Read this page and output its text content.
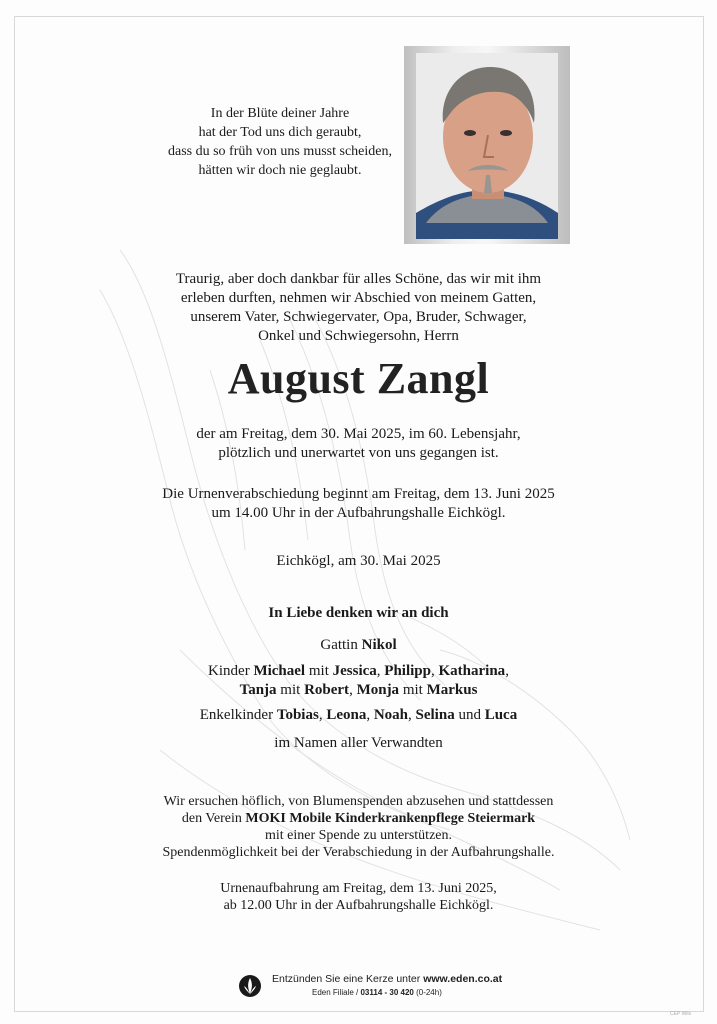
In der Blüte deiner Jahre
hat der Tod uns dich geraubt,
dass du so früh von uns musst scheiden,
hätten wir doch nie geglaubt.
Traurig, aber doch dankbar für alles Schöne, das wir mit ihm
erleben durften, nehmen wir Abschied von meinem Gatten,
unserem Vater, Schwiegervater, Opa, Bruder, Schwager,
Onkel und Schwiegersohn, Herrn
August Zangl
der am Freitag, dem 30. Mai 2025, im 60. Lebensjahr,
plötzlich und unerwartet von uns gegangen ist.
Die Urnenverabschiedung beginnt am Freitag, dem 13. Juni 2025
um 14.00 Uhr in der Aufbahrungshalle Eichkögl.
Eichkögl, am 30. Mai 2025
In Liebe denken wir an dich
Gattin Nikol
Kinder Michael mit Jessica, Philipp, Katharina,
Tanja mit Robert, Monja mit Markus
Enkelkinder Tobias, Leona, Noah, Selina und Luca
im Namen aller Verwandten
Wir ersuchen höflich, von Blumenspenden abzusehen und stattdessen
den Verein MOKI Mobile Kinderkrankenpflege Steiermark
mit einer Spende zu unterstützen.
Spendenmöglichkeit bei der Verabschiedung in der Aufbahrungshalle.
Urnenaufbahrung am Freitag, dem 13. Juni 2025,
ab 12.00 Uhr in der Aufbahrungshalle Eichkögl.
Entzünden Sie eine Kerze unter www.eden.co.at
Eden Filiale / 03114 - 30 420 (0-24h)
CEP Wils
